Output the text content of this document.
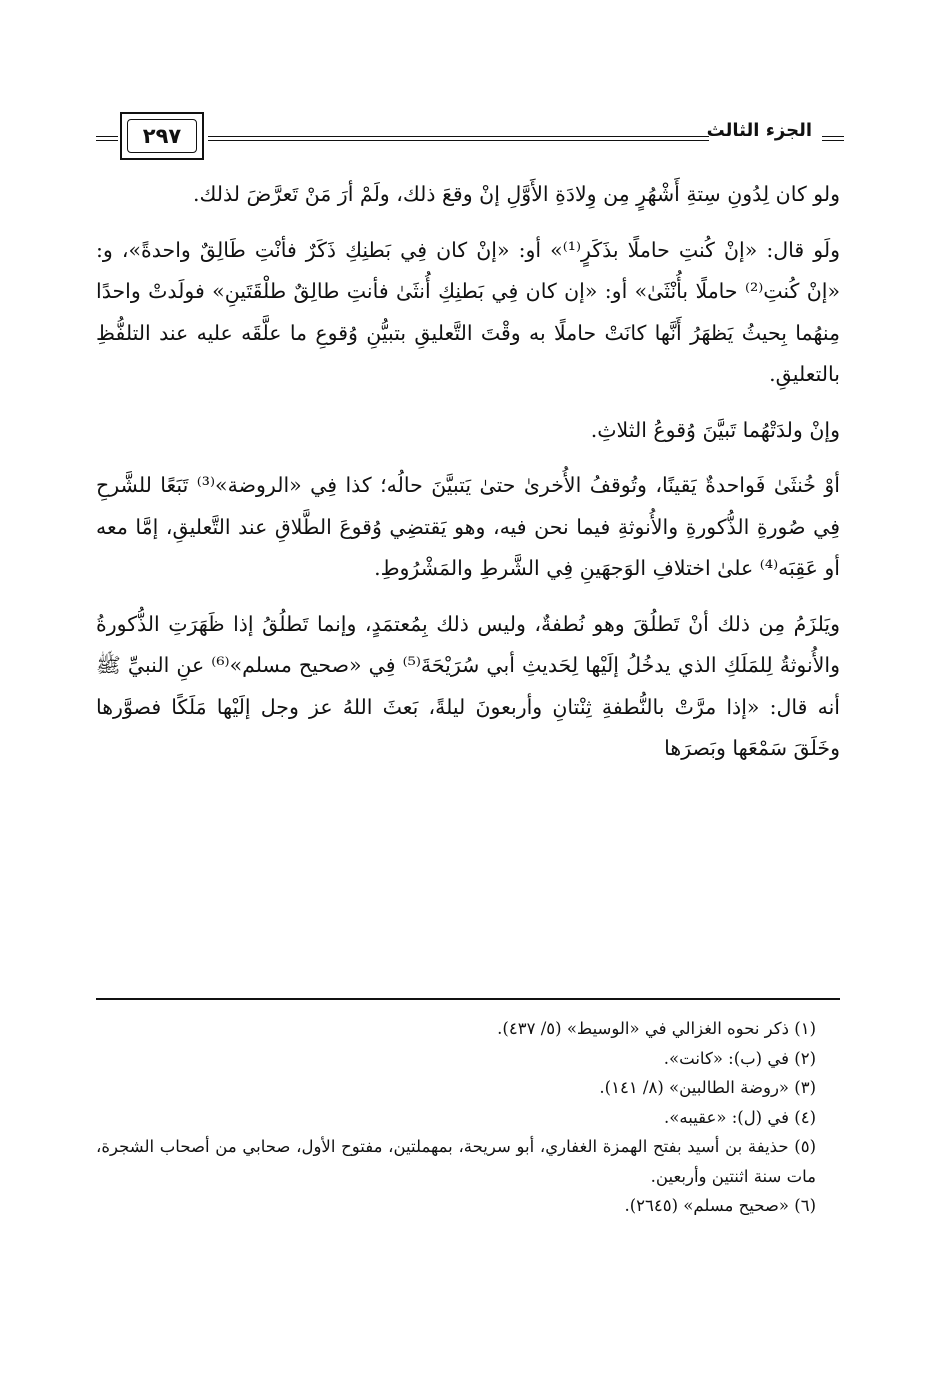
٢٩٧	الجزء الثالث

ولو كان لِدُونِ سِتةِ أَشْهُرٍ مِن وِلادَةِ الأَوَّلِ إنْ وقعَ ذلك، ولَمْ أرَ مَنْ تَعرَّضَ لذلك.

ولَو قال: «إنْ كُنتِ حاملًا بذَكَرٍ⁽¹⁾» أو: «إنْ كان فِي بَطنِكِ ذَكَرٌ فأنْتِ طَالِقٌ واحدةً»، و: «إنْ كُنتِ⁽²⁾ حاملًا بأُنْثَىٰ» أو: «إن كان فِي بَطنِكِ أُنثَىٰ فأنتِ طالِقٌ طلْقَتَينِ» فولَدتْ واحدًا مِنهُما بِحيثُ يَظهَرُ أَنَّها كانَتْ حاملًا به وقْتَ التَّعليقِ بتبيُّنِ وُقوعِ ما علَّقَه عليه عند التلفُّظِ بالتعليقِ.

وإنْ ولدَتْهُما تَبيَّنَ وُقوعُ الثلاثِ.

أوْ خُنثَىٰ فَواحدةٌ يَقينًا، وتُوقفُ الأُخرىٰ حتىٰ يَتبيَّنَ حالُه؛ كذا فِي «الروضة»⁽³⁾ تَبَعًا للشَّرحِ فِي صُورةِ الذُّكورةِ والأُنوثةِ فيما نحن فيه، وهو يَقتضِي وُقوعَ الطَّلاقِ عند التَّعليقِ، إمَّا معه أو عَقِبَه⁽⁴⁾ علىٰ اختلافِ الوَجهَينِ فِي الشَّرطِ والمَشْرُوطِ.

ويَلزَمُ مِن ذلك أنْ تَطلُقَ وهو نُطفةٌ، وليس ذلك بِمُعتمَدٍ، وإنما تَطلُقُ إذا ظَهَرَتِ الذُّكورةُ والأُنوثةُ لِلمَلَكِ الذي يدخُلُ إلَيْها لِحَديثِ أبي سُرَيْحَةَ⁽⁵⁾ فِي «صحيح مسلم»⁽⁶⁾ عنِ النبيِّ ﷺ أنه قال: «إذا مرَّتْ بالنُّطفةِ ثِنْتانِ وأربعونَ ليلةً، بَعثَ اللهُ عز وجل إلَيْها مَلَكًا فصوَّرها وخَلَقَ سَمْعَها وبَصرَها

(١) ذكر نحوه الغزالي في «الوسيط» (٥/ ٤٣٧).

(٢) في (ب): «كانت».

(٣) «روضة الطالبين» (٨/ ١٤١).

(٤) في (ل): «عقيبه».

(٥) حذيفة بن أسيد بفتح الهمزة الغفاري، أبو سريحة، بمهملتين، مفتوح الأول، صحابي من أصحاب الشجرة، مات سنة اثنتين وأربعين.

(٦) «صحيح مسلم» (٢٦٤٥).
